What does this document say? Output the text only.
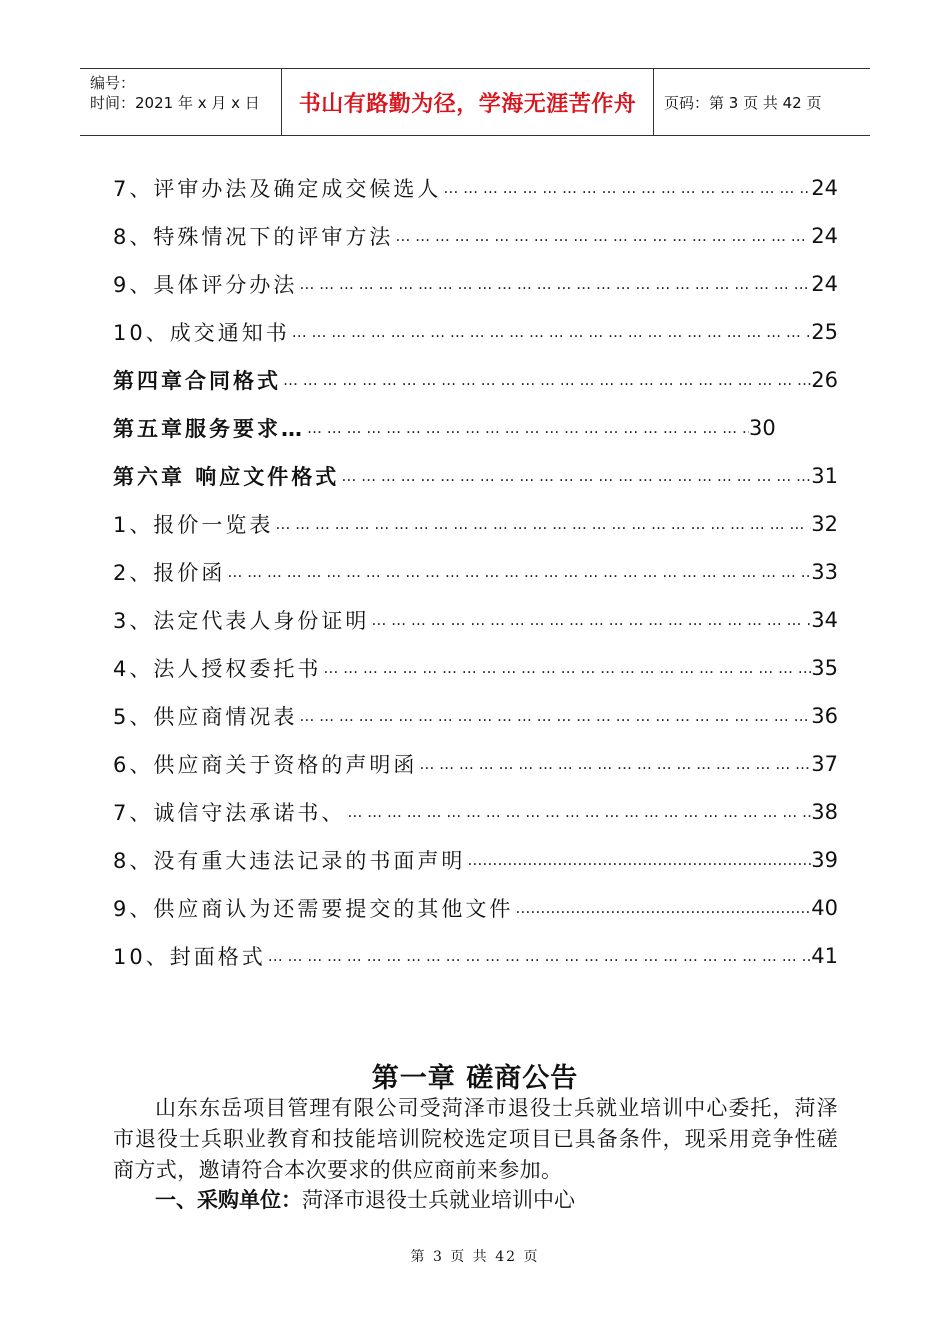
编号：
时间：2021 年 x 月 x 日	书山有路勤为径，学海无涯苦作舟	页码：第 3 页 共 42 页
7、评审办法及确定成交候选人 … … … … … … … … … … … … … … … … … … … … … … … … … … … … … … … … … … … … … … … … … … … … … … … … … … … … … … … … …	24
8、特殊情况下的评审方法 … … … … … … … … … … … … … … … … … … … … … … … … … … … … … … … … … … … … … … … … … … … … … … … … … … … … … … … … …	24
9、具体评分办法 … … … … … … … … … … … … … … … … … … … … … … … … … … … … … … … … … … … … … … … … … … … … … … … … … … … … … … … … …	24
10、成交通知书 … … … … … … … … … … … … … … … … … … … … … … … … … … … … … … … … … … … … … … … … … … … … … … … … … … … … … … … … …	25
第四章合同格式 … … … … … … … … … … … … … … … … … … … … … … … … … … … … … … … … … … … … … … … … … … … … … … … … … … … … … … … … …	26
第五章服务要求… … … … … … … … … … … … … … … … … … … … … … … … … … … … … … … … … … … … … … … … … … … … … … … … … … … … … … … … … …	30
第六章 响应文件格式 … … … … … … … … … … … … … … … … … … … … … … … … … … … … … … … … … … … … … … … … … … … … … … … … … … … … … … … … …	31
1、报价一览表 … … … … … … … … … … … … … … … … … … … … … … … … … … … … … … … … … … … … … … … … … … … … … … … … … … … … … … … … …	32
2、报价函 … … … … … … … … … … … … … … … … … … … … … … … … … … … … … … … … … … … … … … … … … … … … … … … … … … … … … … … … …	33
3、法定代表人身份证明 … … … … … … … … … … … … … … … … … … … … … … … … … … … … … … … … … … … … … … … … … … … … … … … … … … … … … … … … …	34
4、法人授权委托书 … … … … … … … … … … … … … … … … … … … … … … … … … … … … … … … … … … … … … … … … … … … … … … … … … … … … … … … … …	35
5、供应商情况表 … … … … … … … … … … … … … … … … … … … … … … … … … … … … … … … … … … … … … … … … … … … … … … … … … … … … … … … … …	36
6、供应商关于资格的声明函 … … … … … … … … … … … … … … … … … … … … … … … … … … … … … … … … … … … … … … … … … … … … … … … … … … … … … … … … …	37
7、诚信守法承诺书、 … … … … … … … … … … … … … … … … … … … … … … … … … … … … … … … … … … … … … … … … … … … … … … … … … … … … … … … … …	38
8、没有重大违法记录的书面声明 ………………………………………………………………………………………………………………………………………………………………………………	39
9、供应商认为还需要提交的其他文件 ………………………………………………………………………………………………………………………………………………………………………………	40
10、封面格式 … … … … … … … … … … … … … … … … … … … … … … … … … … … … … … … … … … … … … … … … … … … … … … … … … … … … … … … … …	41
第一章 磋商公告

山东东岳项目管理有限公司受菏泽市退役士兵就业培训中心委托，菏泽市退役士兵职业教育和技能培训院校选定项目已具备条件，现采用竞争性磋商方式，邀请符合本次要求的供应商前来参加。

一、采购单位：菏泽市退役士兵就业培训中心
第 3 页 共 42 页
